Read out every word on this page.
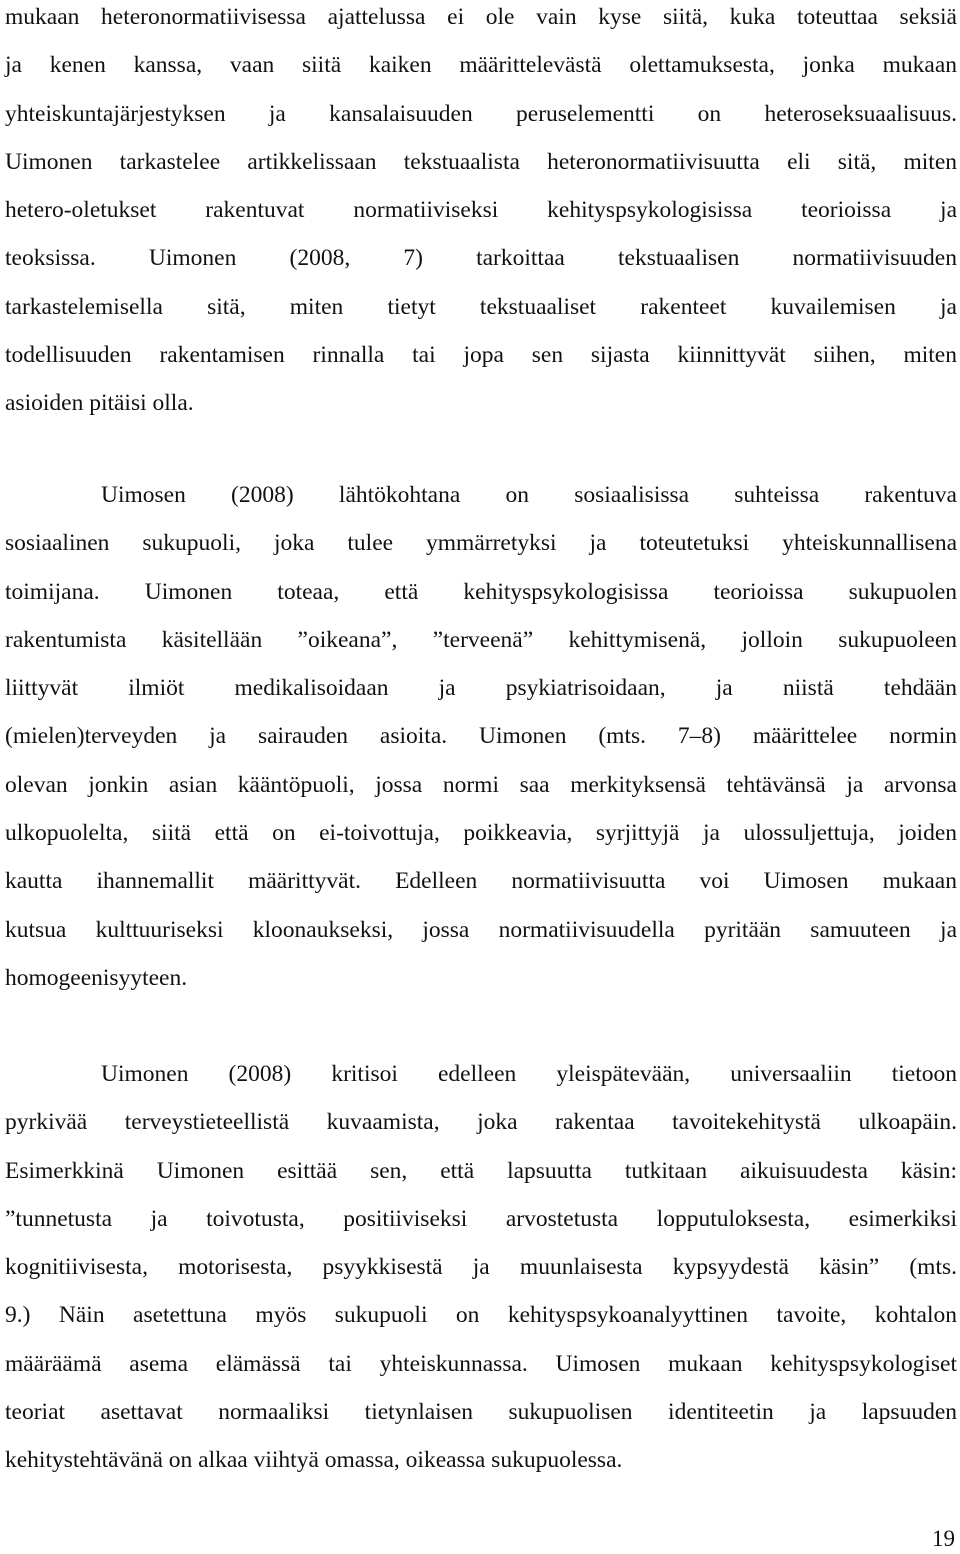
mukaan heteronormatiivisessa ajattelussa ei ole vain kyse siitä, kuka toteuttaa seksiä
ja kenen kanssa, vaan siitä kaiken määrittelevästä olettamuksesta, jonka mukaan
yhteiskuntajärjestyksen ja kansalaisuuden peruselementti on heteroseksuaalisuus.
Uimonen tarkastelee artikkelissaan tekstuaalista heteronormatiivisuutta eli sitä, miten
hetero-oletukset rakentuvat normatiiviseksi kehityspsykologisissa teorioissa ja
teoksissa. Uimonen (2008, 7) tarkoittaa tekstuaalisen normatiivisuuden
tarkastelemisella sitä, miten tietyt tekstuaaliset rakenteet kuvailemisen ja
todellisuuden rakentamisen rinnalla tai jopa sen sijasta kiinnittyvät siihen, miten
asioiden pitäisi olla.
Uimosen (2008) lähtökohtana on sosiaalisissa suhteissa rakentuva
sosiaalinen sukupuoli, joka tulee ymmärretyksi ja toteutetuksi yhteiskunnallisena
toimijana. Uimonen toteaa, että kehityspsykologisissa teorioissa sukupuolen
rakentumista käsitellään ”oikeana”, ”terveenä” kehittymisenä, jolloin sukupuoleen
liittyvät ilmiöt medikalisoidaan ja psykiatrisoidaan, ja niistä tehdään
(mielen)terveyden ja sairauden asioita. Uimonen (mts. 7–8) määrittelee normin
olevan jonkin asian kääntöpuoli, jossa normi saa merkityksensä tehtävänsä ja arvonsa
ulkopuolelta, siitä että on ei-toivottuja, poikkeavia, syrjittyjä ja ulossuljettuja, joiden
kautta ihannemallit määrittyvät. Edelleen normatiivisuutta voi Uimosen mukaan
kutsua kulttuuriseksi kloonaukseksi, jossa normatiivisuudella pyritään samuuteen ja
homogeenisyyteen.
Uimonen (2008) kritisoi edelleen yleispätevään, universaaliin tietoon
pyrkivää terveystieteellistä kuvaamista, joka rakentaa tavoitekehitystä ulkoapäin.
Esimerkkinä Uimonen esittää sen, että lapsuutta tutkitaan aikuisuudesta käsin:
”tunnetusta ja toivotusta, positiiviseksi arvostetusta lopputuloksesta, esimerkiksi
kognitiivisesta, motorisesta, psyykkisestä ja muunlaisesta kypsyydestä käsin” (mts.
9.) Näin asetettuna myös sukupuoli on kehityspsykoanalyyttinen tavoite, kohtalon
määräämä asema elämässä tai yhteiskunnassa. Uimosen mukaan kehityspsykologiset
teoriat asettavat normaaliksi tietynlaisen sukupuolisen identiteetin ja lapsuuden
kehitystehtävänä on alkaa viihtyä omassa, oikeassa sukupuolessa.
19
